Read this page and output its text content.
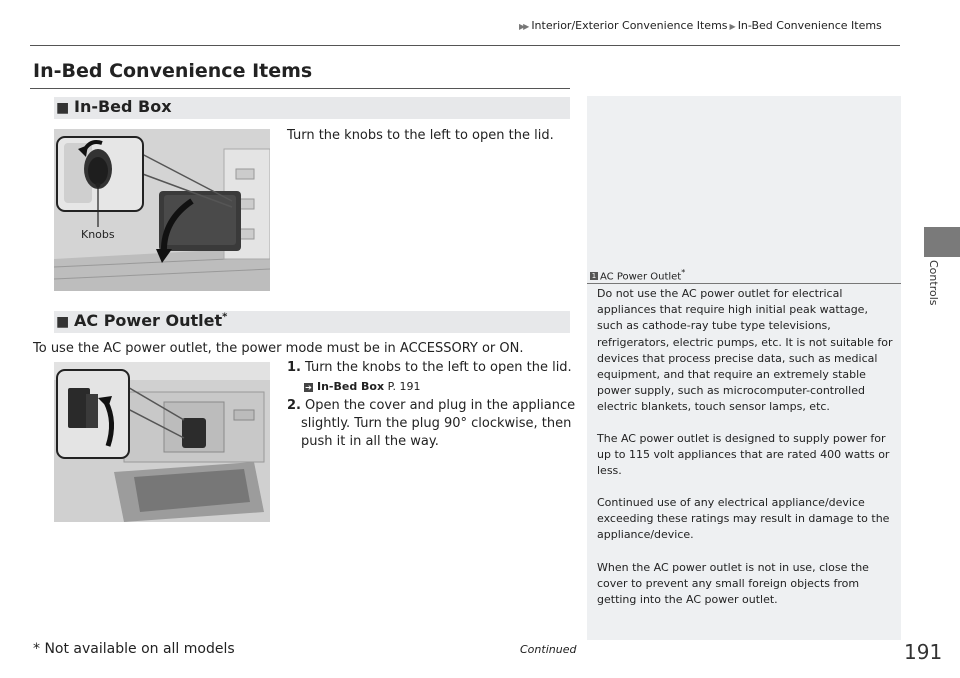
▶▶ Interior/Exterior Convenience Items ▶ In-Bed Convenience Items
Controls
In-Bed Convenience Items
■ In-Bed Box
Knobs
Turn the knobs to the left to open the lid.
■ AC Power Outlet*
To use the AC power outlet, the power mode must be in ACCESSORY or ON.
1. Turn the knobs to the left to open the lid.
➔ In-Bed Box P. 191
2. Open the cover and plug in the appliance
slightly. Turn the plug 90° clockwise, then
push it in all the way.
1 AC Power Outlet*
Do not use the AC power outlet for electrical appliances that require high initial peak wattage, such as cathode-ray tube type televisions, refrigerators, electric pumps, etc. It is not suitable for devices that process precise data, such as medical equipment, and that require an extremely stable power supply, such as microcomputer-controlled electric blankets, touch sensor lamps, etc.
The AC power outlet is designed to supply power for up to 115 volt appliances that are rated 400 watts or less.
Continued use of any electrical appliance/device exceeding these ratings may result in damage to the appliance/device.
When the AC power outlet is not in use, close the cover to prevent any small foreign objects from getting into the AC power outlet.
* Not available on all models	Continued	191
